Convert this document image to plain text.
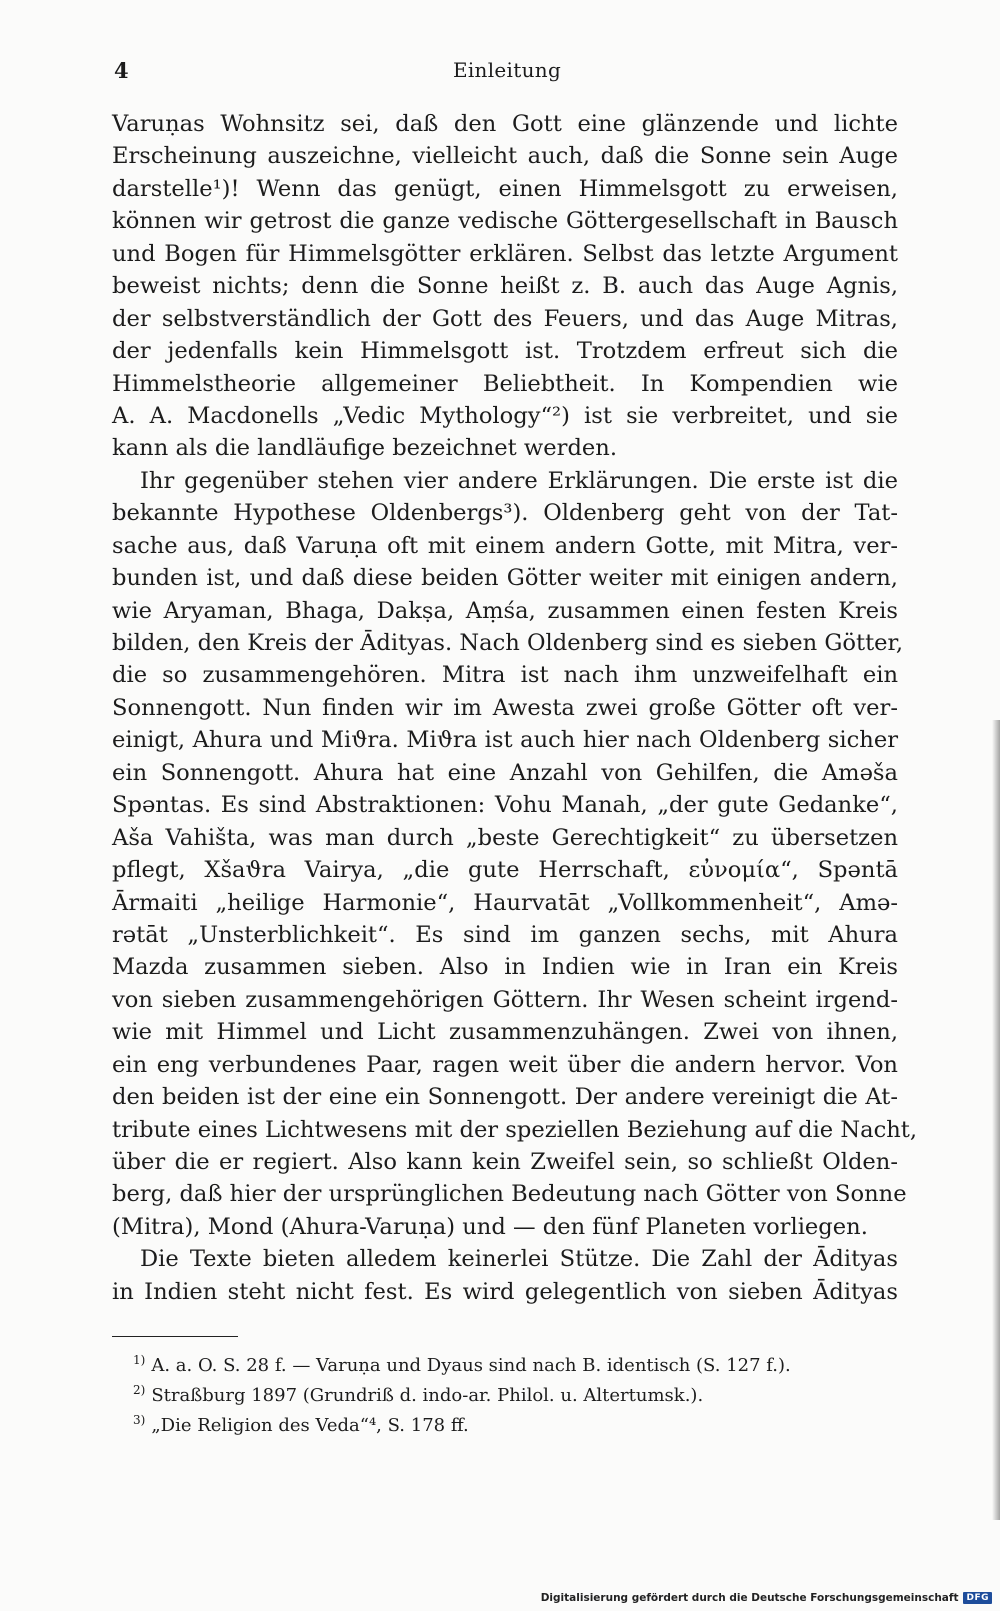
4	Einleitung
Varuṇas Wohnsitz sei, daß den Gott eine glänzende und lichte
Erscheinung auszeichne, vielleicht auch, daß die Sonne sein Auge
darstelle¹)! Wenn das genügt, einen Himmelsgott zu erweisen,
können wir getrost die ganze vedische Göttergesellschaft in Bausch
und Bogen für Himmelsgötter erklären. Selbst das letzte Argument
beweist nichts; denn die Sonne heißt z. B. auch das Auge Agnis,
der selbstverständlich der Gott des Feuers, und das Auge Mitras,
der jedenfalls kein Himmelsgott ist. Trotzdem erfreut sich die
Himmelstheorie allgemeiner Beliebtheit. In Kompendien wie
A. A. Macdonells „Vedic Mythology“²) ist sie verbreitet, und sie
kann als die landläufige bezeichnet werden.
Ihr gegenüber stehen vier andere Erklärungen. Die erste ist die
bekannte Hypothese Oldenbergs³). Oldenberg geht von der Tat-
sache aus, daß Varuṇa oft mit einem andern Gotte, mit Mitra, ver-
bunden ist, und daß diese beiden Götter weiter mit einigen andern,
wie Aryaman, Bhaga, Dakṣa, Aṃśa, zusammen einen festen Kreis
bilden, den Kreis der Ādityas. Nach Oldenberg sind es sieben Götter,
die so zusammengehören. Mitra ist nach ihm unzweifelhaft ein
Sonnengott. Nun finden wir im Awesta zwei große Götter oft ver-
einigt, Ahura und Miϑra. Miϑra ist auch hier nach Oldenberg sicher
ein Sonnengott. Ahura hat eine Anzahl von Gehilfen, die Aməša
Spəntas. Es sind Abstraktionen: Vohu Manah, „der gute Gedanke“,
Aša Vahišta, was man durch „beste Gerechtigkeit“ zu übersetzen
pflegt, Xšaϑra Vairya, „die gute Herrschaft, εὐνομία“, Spəntā
Ārmaiti „heilige Harmonie“, Haurvatāt „Vollkommenheit“, Amə-
rətāt „Unsterblichkeit“. Es sind im ganzen sechs, mit Ahura
Mazda zusammen sieben. Also in Indien wie in Iran ein Kreis
von sieben zusammengehörigen Göttern. Ihr Wesen scheint irgend-
wie mit Himmel und Licht zusammenzuhängen. Zwei von ihnen,
ein eng verbundenes Paar, ragen weit über die andern hervor. Von
den beiden ist der eine ein Sonnengott. Der andere vereinigt die At-
tribute eines Lichtwesens mit der speziellen Beziehung auf die Nacht,
über die er regiert. Also kann kein Zweifel sein, so schließt Olden-
berg, daß hier der ursprünglichen Bedeutung nach Götter von Sonne
(Mitra), Mond (Ahura-Varuṇa) und — den fünf Planeten vorliegen.
Die Texte bieten alledem keinerlei Stütze. Die Zahl der Ādityas
in Indien steht nicht fest. Es wird gelegentlich von sieben Ādityas
$^{1)}$ A. a. O. S. 28 f. — Varuṇa und Dyaus sind nach B. identisch (S. 127 f.).
$^{2)}$ Straßburg 1897 (Grundriß d. indo-ar. Philol. u. Altertumsk.).
$^{3)}$ „Die Religion des Veda“⁴, S. 178 ff.
Digitalisierung gefördert durch die Deutsche Forschungsgemeinschaft DFG
